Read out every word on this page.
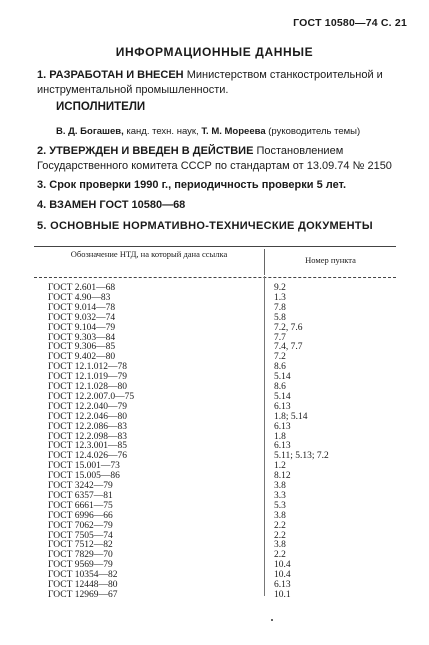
ГОСТ 10580—74 С. 21
ИНФОРМАЦИОННЫЕ ДАННЫЕ
1. РАЗРАБОТАН И ВНЕСЕН Министерством станкостроительной и инструментальной промышленности.
ИСПОЛНИТЕЛИ
В. Д. Богашев, канд. техн. наук, Т. М. Мореева (руководитель темы)
2. УТВЕРЖДЕН И ВВЕДЕН В ДЕЙСТВИЕ Постановлением Государственного комитета СССР по стандартам от 13.09.74 № 2150
3. Срок проверки 1990 г., периодичность проверки 5 лет.
4. ВЗАМЕН ГОСТ 10580—68
5. ОСНОВНЫЕ НОРМАТИВНО-ТЕХНИЧЕСКИЕ ДОКУМЕНТЫ
Обозначение НТД, на который дана ссылка
Номер пункта
ГОСТ 2.601—68	9.2
ГОСТ 4.90—83	1.3
ГОСТ 9.014—78	7.8
ГОСТ 9.032—74	5.8
ГОСТ 9.104—79	7.2, 7.6
ГОСТ 9.303—84	7.7
ГОСТ 9.306—85	7.4, 7.7
ГОСТ 9.402—80	7.2
ГОСТ 12.1.012—78	8.6
ГОСТ 12.1.019—79	5.14
ГОСТ 12.1.028—80	8.6
ГОСТ 12.2.007.0—75	5.14
ГОСТ 12.2.040—79	6.13
ГОСТ 12.2.046—80	1.8; 5.14
ГОСТ 12.2.086—83	6.13
ГОСТ 12.2.098—83	1.8
ГОСТ 12.3.001—85	6.13
ГОСТ 12.4.026—76	5.11; 5.13; 7.2
ГОСТ 15.001—73	1.2
ГОСТ 15.005—86	8.12
ГОСТ 3242—79	3.8
ГОСТ 6357—81	3.3
ГОСТ 6661—75	5.3
ГОСТ 6996—66	3.8
ГОСТ 7062—79	2.2
ГОСТ 7505—74	2.2
ГОСТ 7512—82	3.8
ГОСТ 7829—70	2.2
ГОСТ 9569—79	10.4
ГОСТ 10354—82	10.4
ГОСТ 12448—80	6.13
ГОСТ 12969—67	10.1
